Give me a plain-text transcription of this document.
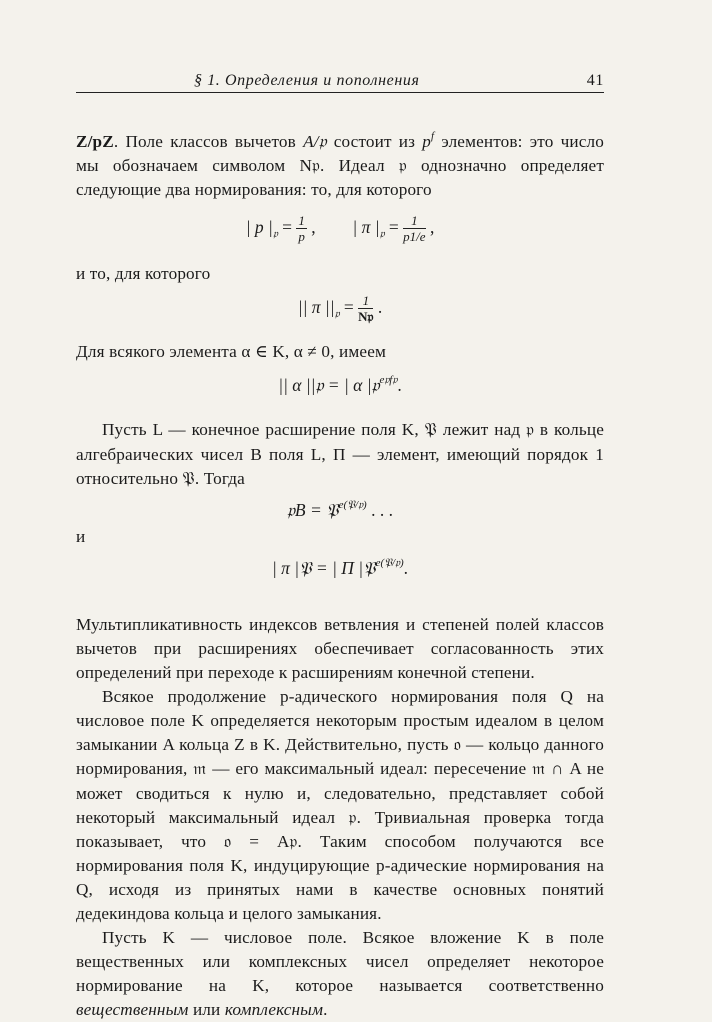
§ 1. Определения и пополнения	41

Z/pZ. Поле классов вычетов A/𝔭 состоит из $p^f$ элементов: это число мы обозначаем символом N𝔭. Идеал 𝔭 однозначно определяет следующие два нормирования: то, для которого

| p $|_𝔭 = \frac{1}{p}$ , | π $|_𝔭 = \frac{1}{p1/e}$ ,

и то, для которого

|| π $||_𝔭 = \frac{1}{\text{N𝔭}}$ .

Для всякого элемента α ∈ K, α ≠ 0, имеем

|| α ||𝔭 = | α |𝔭$^{e𝔭f𝔭}$.

Пусть L — конечное расширение поля K, 𝔓 лежит над 𝔭 в кольце алгебраических чисел B поля L, Π — элемент, имеющий порядок 1 относительно 𝔓. Тогда

𝔭B = 𝔓$^{e(𝔓/𝔭)}$ . . .

и

| π |𝔓 = | Π |𝔓$^{e(𝔓/𝔭)}$.

Мультипликативность индексов ветвления и степеней полей классов вычетов при расширениях обеспечивает согласованность этих определений при переходе к расширениям конечной степени.

Всякое продолжение p-адического нормирования поля Q на числовое поле K определяется некоторым простым идеалом в целом замыкании A кольца Z в K. Действительно, пусть 𝔬 — кольцо данного нормирования, 𝔪 — его максимальный идеал: пересечение 𝔪 ∩ A не может сводиться к нулю и, следовательно, представляет собой некоторый максимальный идеал 𝔭. Тривиальная проверка тогда показывает, что 𝔬 = A𝔭. Таким способом получаются все нормирования поля K, индуцирующие p-адические нормирования на Q, исходя из принятых нами в качестве основных понятий дедекиндова кольца и целого замыкания.

Пусть K — числовое поле. Всякое вложение K в поле вещественных или комплексных чисел определяет некоторое нормирование на K, которое называется соответственно вещественным или комплексным.
